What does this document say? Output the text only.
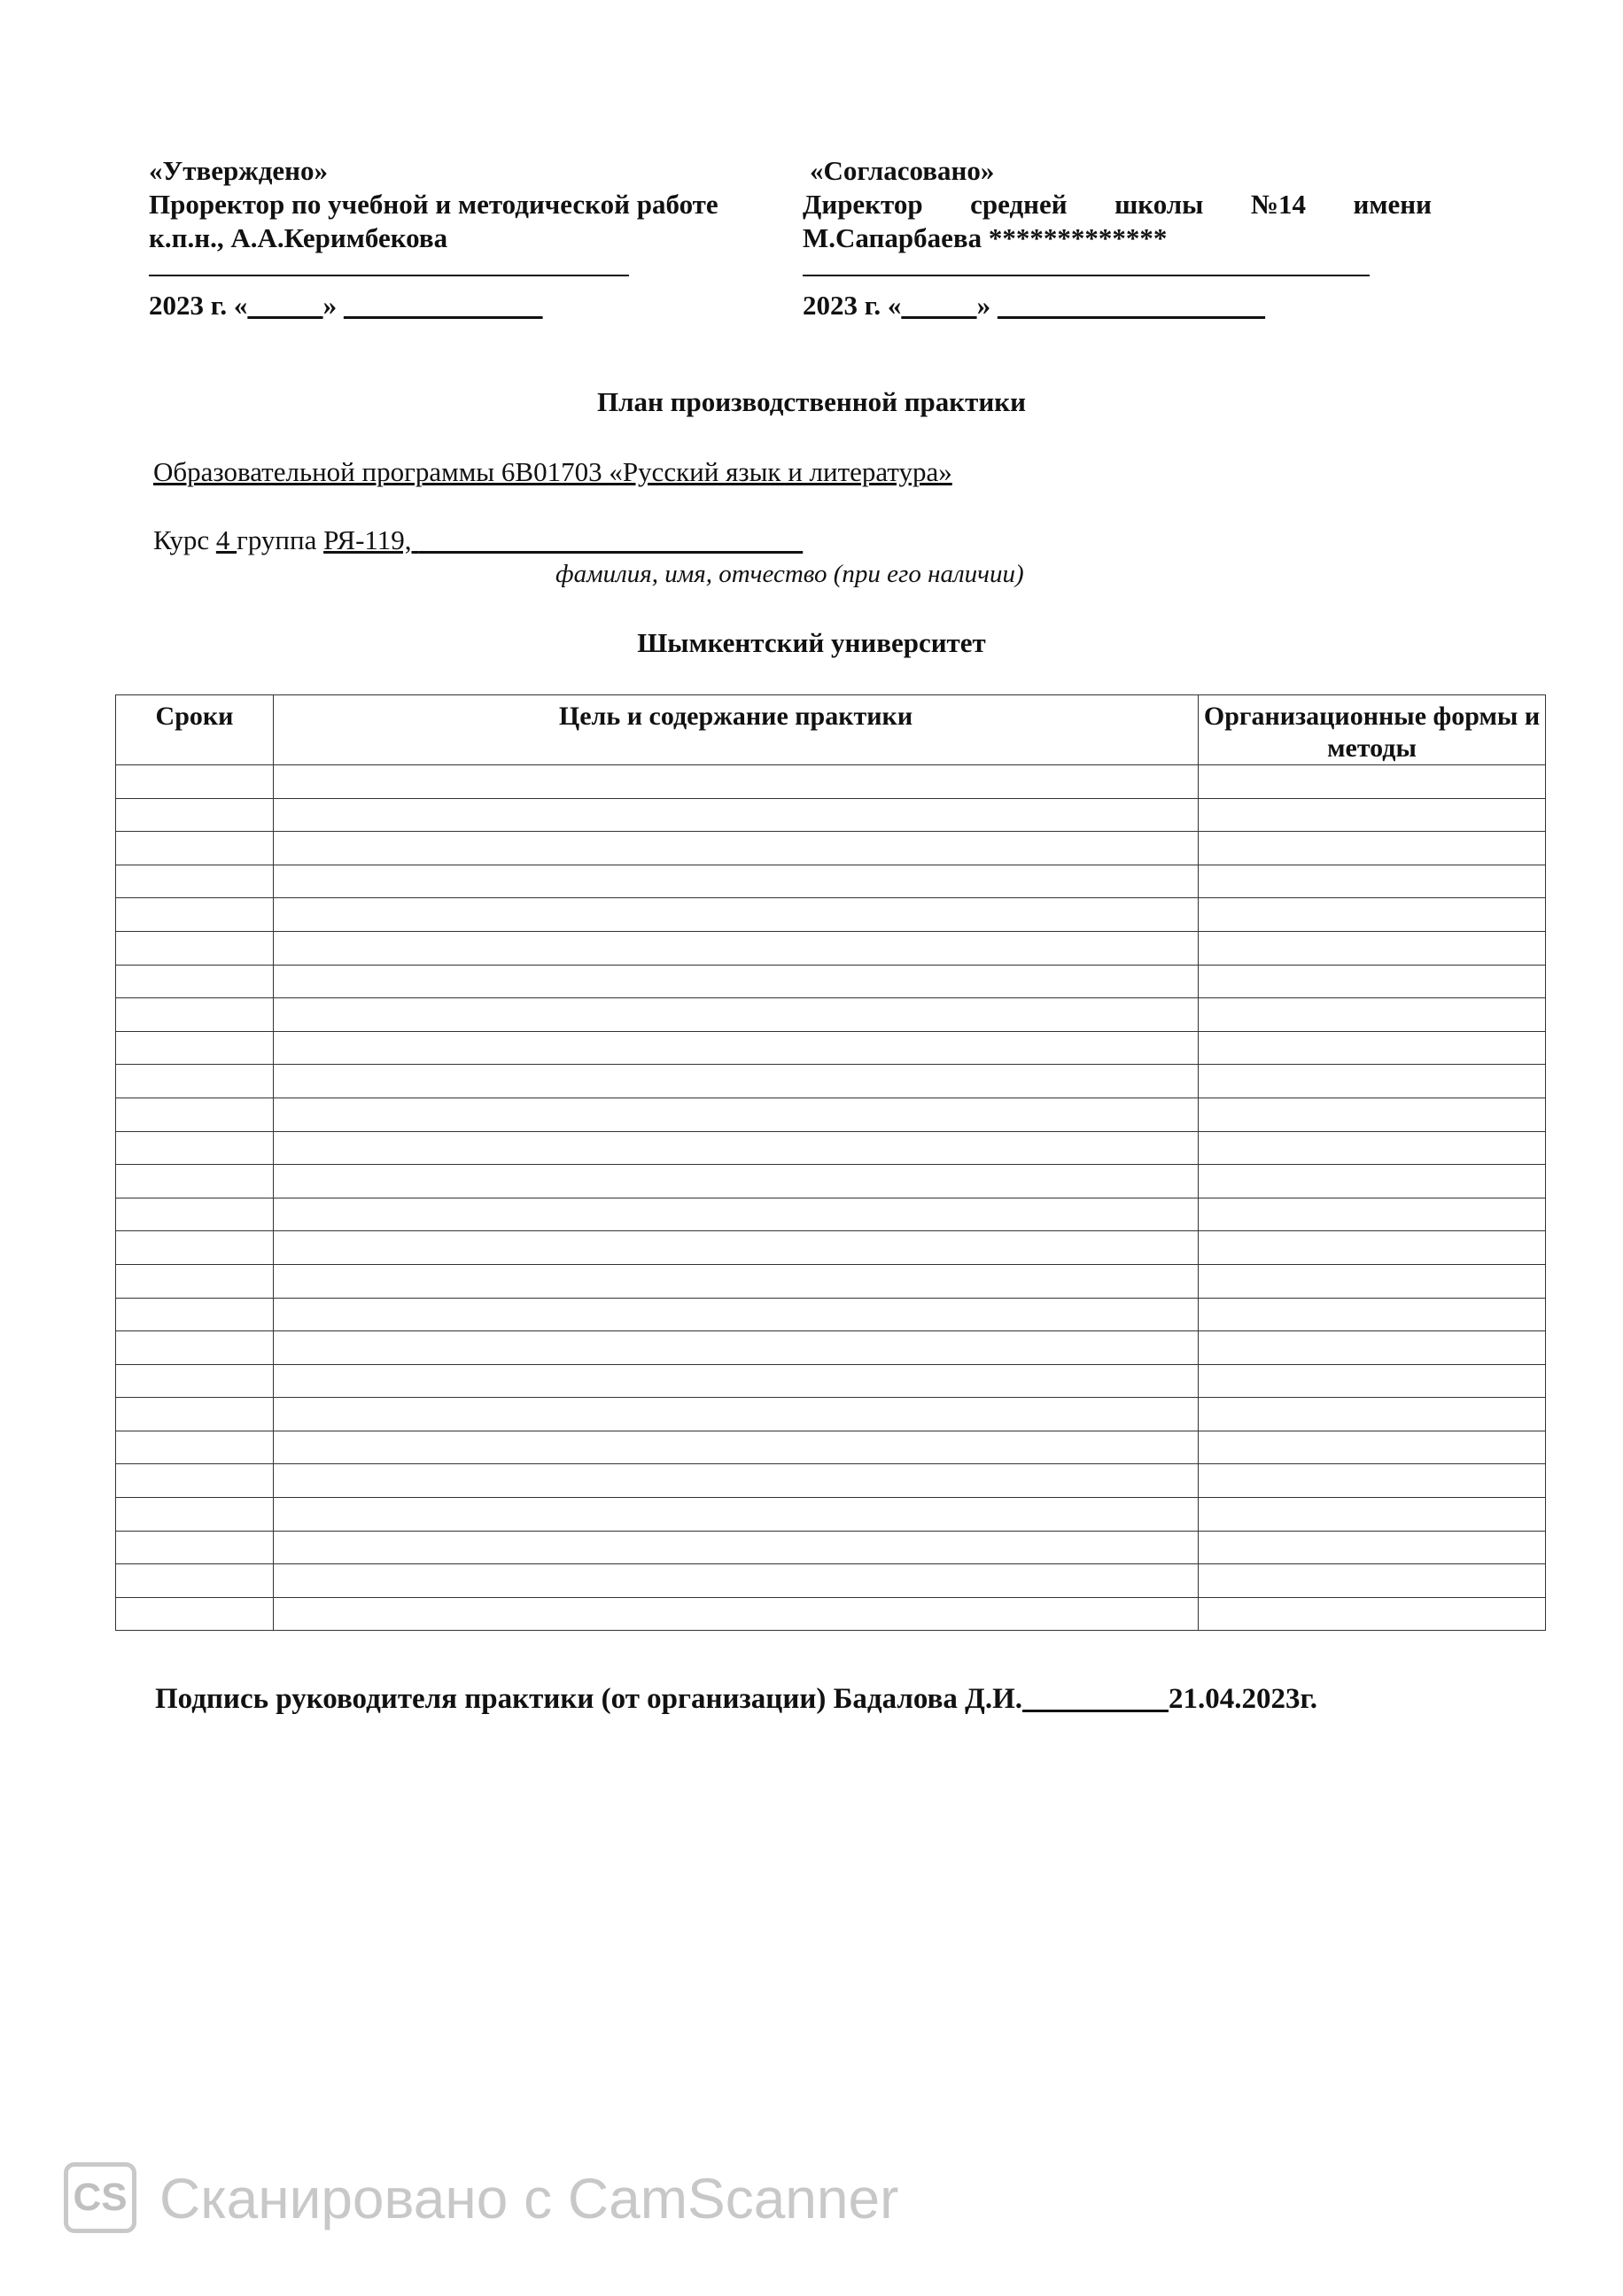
«Утверждено»
Проректор по учебной и методической работе
к.п.н., А.А.Керимбекова
2023 г. «	»
«Согласовано»
Директор средней школы №14 имени
М.Сапарбаева *************
2023 г. «	»
План производственной практики
Образовательной программы 6В01703 «Русский язык и литература»
Курс 4 группа РЯ-119,
фамилия, имя, отчество (при его наличии)
Шымкентский университет
Сроки	Цель и содержание практики	Организационные формы и методы

Подпись руководителя практики (от организации) Бадалова Д.И.	21.04.2023г.
CS Сканировано с CamScanner
